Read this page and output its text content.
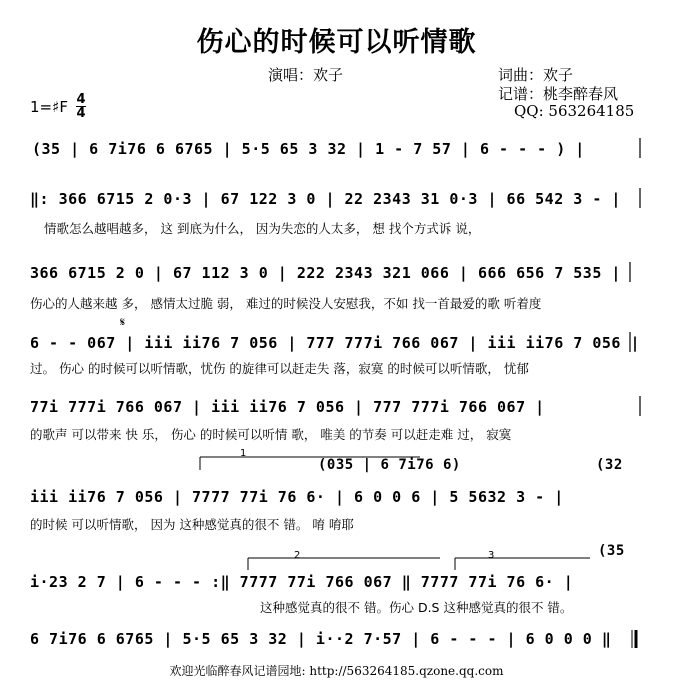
𝄋
伤心的时候可以听情歌
演唱：欢子	词曲：欢子
记谱：桃李醉春风
QQ: 563264185
1=♯F 4
4
(35 | 6 7i76 6 6765 | 5·5 65 3 32 | 1 - 7 57 | 6 - - - ) |
‖: 366 6715 2 0·3 | 67 122 3 0 | 22 2343 31 0·3 | 66 542 3 - |
情歌怎么越唱越多， 这 到底为什么， 因为失恋的人太多， 想 找个方式诉 说，
366 6715 2 0 | 67 112 3 0 | 222 2343 321 066 | 666 656 7 535 |
伤心的人越来越 多， 感情太过脆 弱， 难过的时候没人安慰我，不如 找一首最爱的歌 听着度
6 - - 067 | iii ii76 7 056 | 777 777i 766 067 | iii ii76 7 056 |
过。 伤心 的时候可以听情歌，忧伤 的旋律可以赶走失 落，寂寞 的时候可以听情歌， 忧郁
77i 777i 766 067 | iii ii76 7 056 | 777 777i 766 067 |
的歌声 可以带来 快 乐， 伤心 的时候可以听情 歌， 唯美 的节奏 可以赶走难 过， 寂寞
1
(035 | 6 7i76 6)	(32
iii ii76 7 056 | 7777 77i 76 6· | 6 0 0 6 | 5 5632 3 - |
的时候 可以听情歌， 因为 这种感觉真的很不 错。 唷 唷耶
2	3	(35
i·23 2 7 | 6 - - - :‖ 7777 77i 766 067 ‖ 7777 77i 76 6· |
这种感觉真的很不 错。伤心 D.S 这种感觉真的很不 错。
6 7i76 6 6765 | 5·5 65 3 32 | i··2 7·57 | 6 - - - | 6 0 0 0 ‖
欢迎光临醉春风记谱园地: http://563264185.qzone.qq.com
